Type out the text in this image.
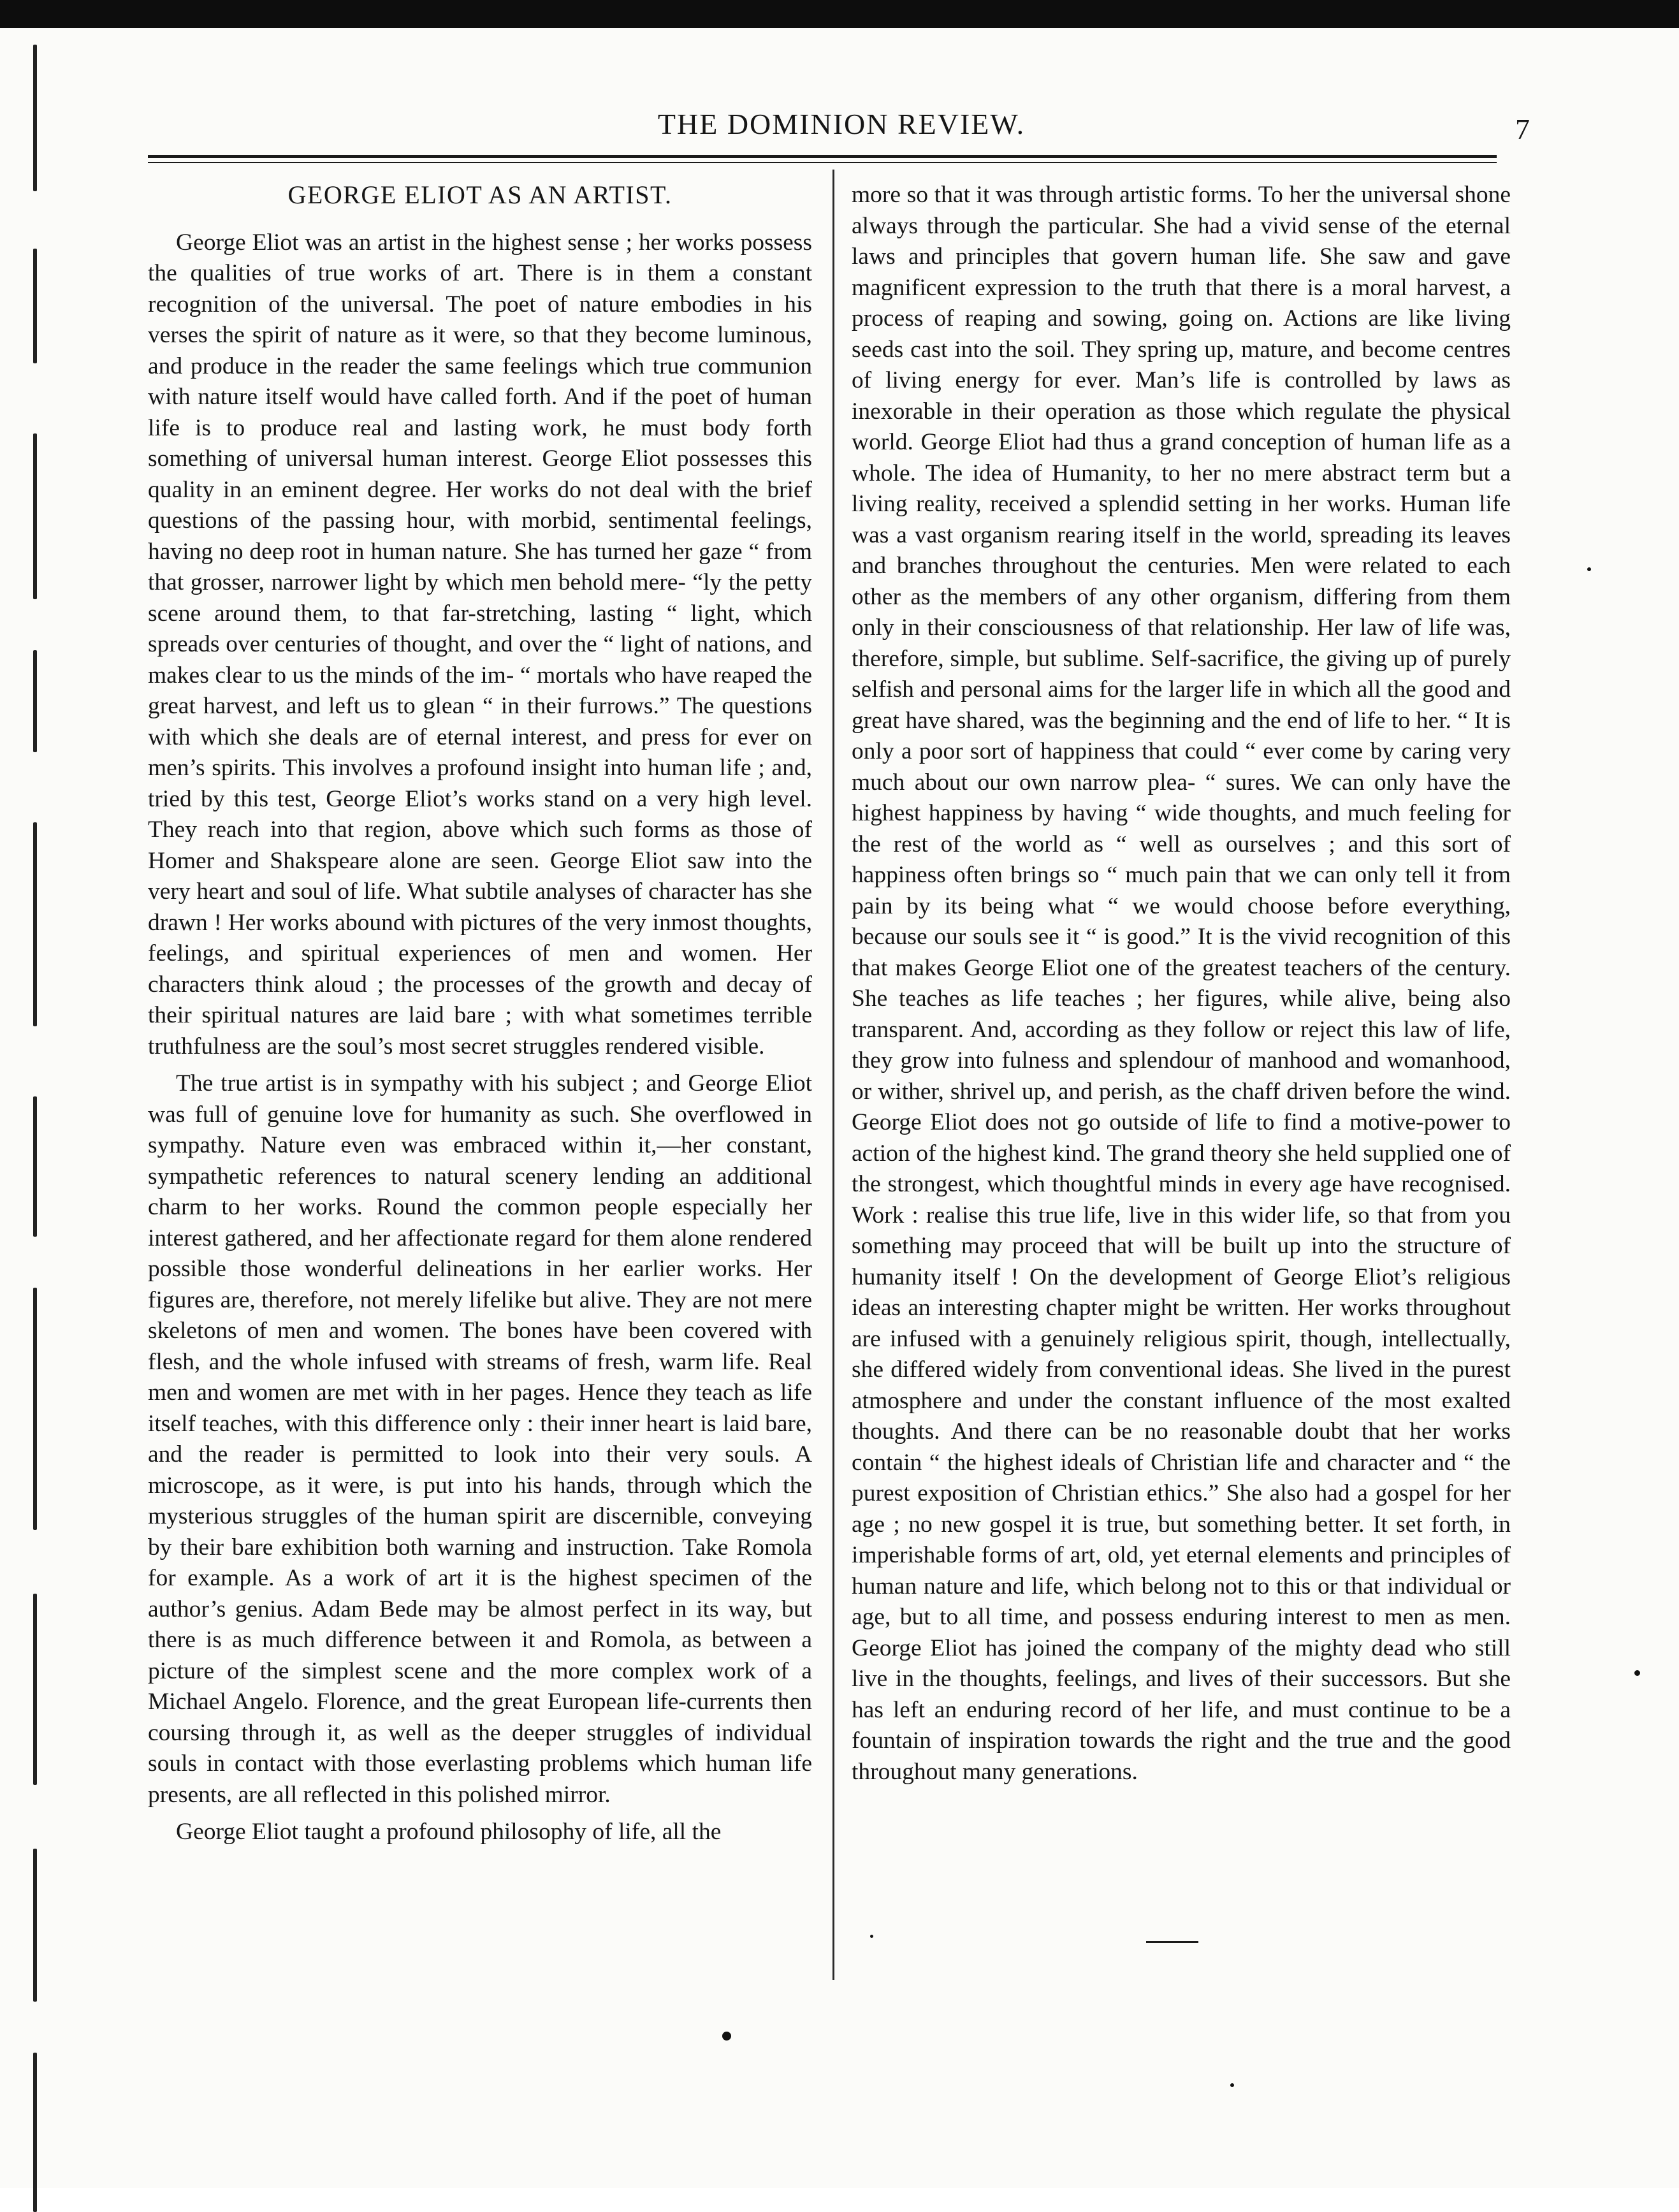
THE DOMINION REVIEW.	7
GEORGE ELIOT AS AN ARTIST.

George Eliot was an artist in the highest sense ; her works possess the qualities of true works of art. There is in them a constant recognition of the universal. The poet of nature embodies in his verses the spirit of nature as it were, so that they become luminous, and produce in the reader the same feelings which true communion with nature itself would have called forth. And if the poet of human life is to produce real and lasting work, he must body forth something of universal human interest. George Eliot possesses this quality in an eminent degree. Her works do not deal with the brief questions of the passing hour, with morbid, sentimental feelings, having no deep root in human nature. She has turned her gaze “ from that grosser, narrower light by which men behold mere- “ly the petty scene around them, to that far-stretching, lasting “ light, which spreads over centuries of thought, and over the “ light of nations, and makes clear to us the minds of the im- “ mortals who have reaped the great harvest, and left us to glean “ in their furrows.” The questions with which she deals are of eternal interest, and press for ever on men’s spirits. This involves a profound insight into human life ; and, tried by this test, George Eliot’s works stand on a very high level. They reach into that region, above which such forms as those of Homer and Shakspeare alone are seen. George Eliot saw into the very heart and soul of life. What subtile analyses of character has she drawn ! Her works abound with pictures of the very inmost thoughts, feelings, and spiritual experiences of men and women. Her characters think aloud ; the processes of the growth and decay of their spiritual natures are laid bare ; with what sometimes terrible truthfulness are the soul’s most secret struggles rendered visible.

The true artist is in sympathy with his subject ; and George Eliot was full of genuine love for humanity as such. She overflowed in sympathy. Nature even was embraced within it,—her constant, sympathetic references to natural scenery lending an additional charm to her works. Round the common people especially her interest gathered, and her affectionate regard for them alone rendered possible those wonderful delineations in her earlier works. Her figures are, therefore, not merely lifelike but alive. They are not mere skeletons of men and women. The bones have been covered with flesh, and the whole infused with streams of fresh, warm life. Real men and women are met with in her pages. Hence they teach as life itself teaches, with this difference only : their inner heart is laid bare, and the reader is permitted to look into their very souls. A microscope, as it were, is put into his hands, through which the mysterious struggles of the human spirit are discernible, conveying by their bare exhibition both warning and instruction. Take Romola for example. As a work of art it is the highest specimen of the author’s genius. Adam Bede may be almost perfect in its way, but there is as much difference between it and Romola, as between a picture of the simplest scene and the more complex work of a Michael Angelo. Florence, and the great European life-currents then coursing through it, as well as the deeper struggles of individual souls in contact with those everlasting problems which human life presents, are all reflected in this polished mirror.

George Eliot taught a profound philosophy of life, all the

more so that it was through artistic forms. To her the universal shone always through the particular. She had a vivid sense of the eternal laws and principles that govern human life. She saw and gave magnificent expression to the truth that there is a moral harvest, a process of reaping and sowing, going on. Actions are like living seeds cast into the soil. They spring up, mature, and become centres of living energy for ever. Man’s life is controlled by laws as inexorable in their operation as those which regulate the physical world. George Eliot had thus a grand conception of human life as a whole. The idea of Humanity, to her no mere abstract term but a living reality, received a splendid setting in her works. Human life was a vast organism rearing itself in the world, spreading its leaves and branches throughout the centuries. Men were related to each other as the members of any other organism, differing from them only in their consciousness of that relationship. Her law of life was, therefore, simple, but sublime. Self-sacrifice, the giving up of purely selfish and personal aims for the larger life in which all the good and great have shared, was the beginning and the end of life to her. “ It is only a poor sort of happiness that could “ ever come by caring very much about our own narrow plea- “ sures. We can only have the highest happiness by having “ wide thoughts, and much feeling for the rest of the world as “ well as ourselves ; and this sort of happiness often brings so “ much pain that we can only tell it from pain by its being what “ we would choose before everything, because our souls see it “ is good.” It is the vivid recognition of this that makes George Eliot one of the greatest teachers of the century. She teaches as life teaches ; her figures, while alive, being also transparent. And, according as they follow or reject this law of life, they grow into fulness and splendour of manhood and womanhood, or wither, shrivel up, and perish, as the chaff driven before the wind. George Eliot does not go outside of life to find a motive-power to action of the highest kind. The grand theory she held supplied one of the strongest, which thoughtful minds in every age have recognised. Work : realise this true life, live in this wider life, so that from you something may proceed that will be built up into the structure of humanity itself ! On the development of George Eliot’s religious ideas an interesting chapter might be written. Her works throughout are infused with a genuinely religious spirit, though, intellectually, she differed widely from conventional ideas. She lived in the purest atmosphere and under the constant influence of the most exalted thoughts. And there can be no reasonable doubt that her works contain “ the highest ideals of Christian life and character and “ the purest exposition of Christian ethics.” She also had a gospel for her age ; no new gospel it is true, but something better. It set forth, in imperishable forms of art, old, yet eternal elements and principles of human nature and life, which belong not to this or that individual or age, but to all time, and possess enduring interest to men as men. George Eliot has joined the company of the mighty dead who still live in the thoughts, feelings, and lives of their successors. But she has left an enduring record of her life, and must continue to be a fountain of inspiration towards the right and the true and the good throughout many generations.
